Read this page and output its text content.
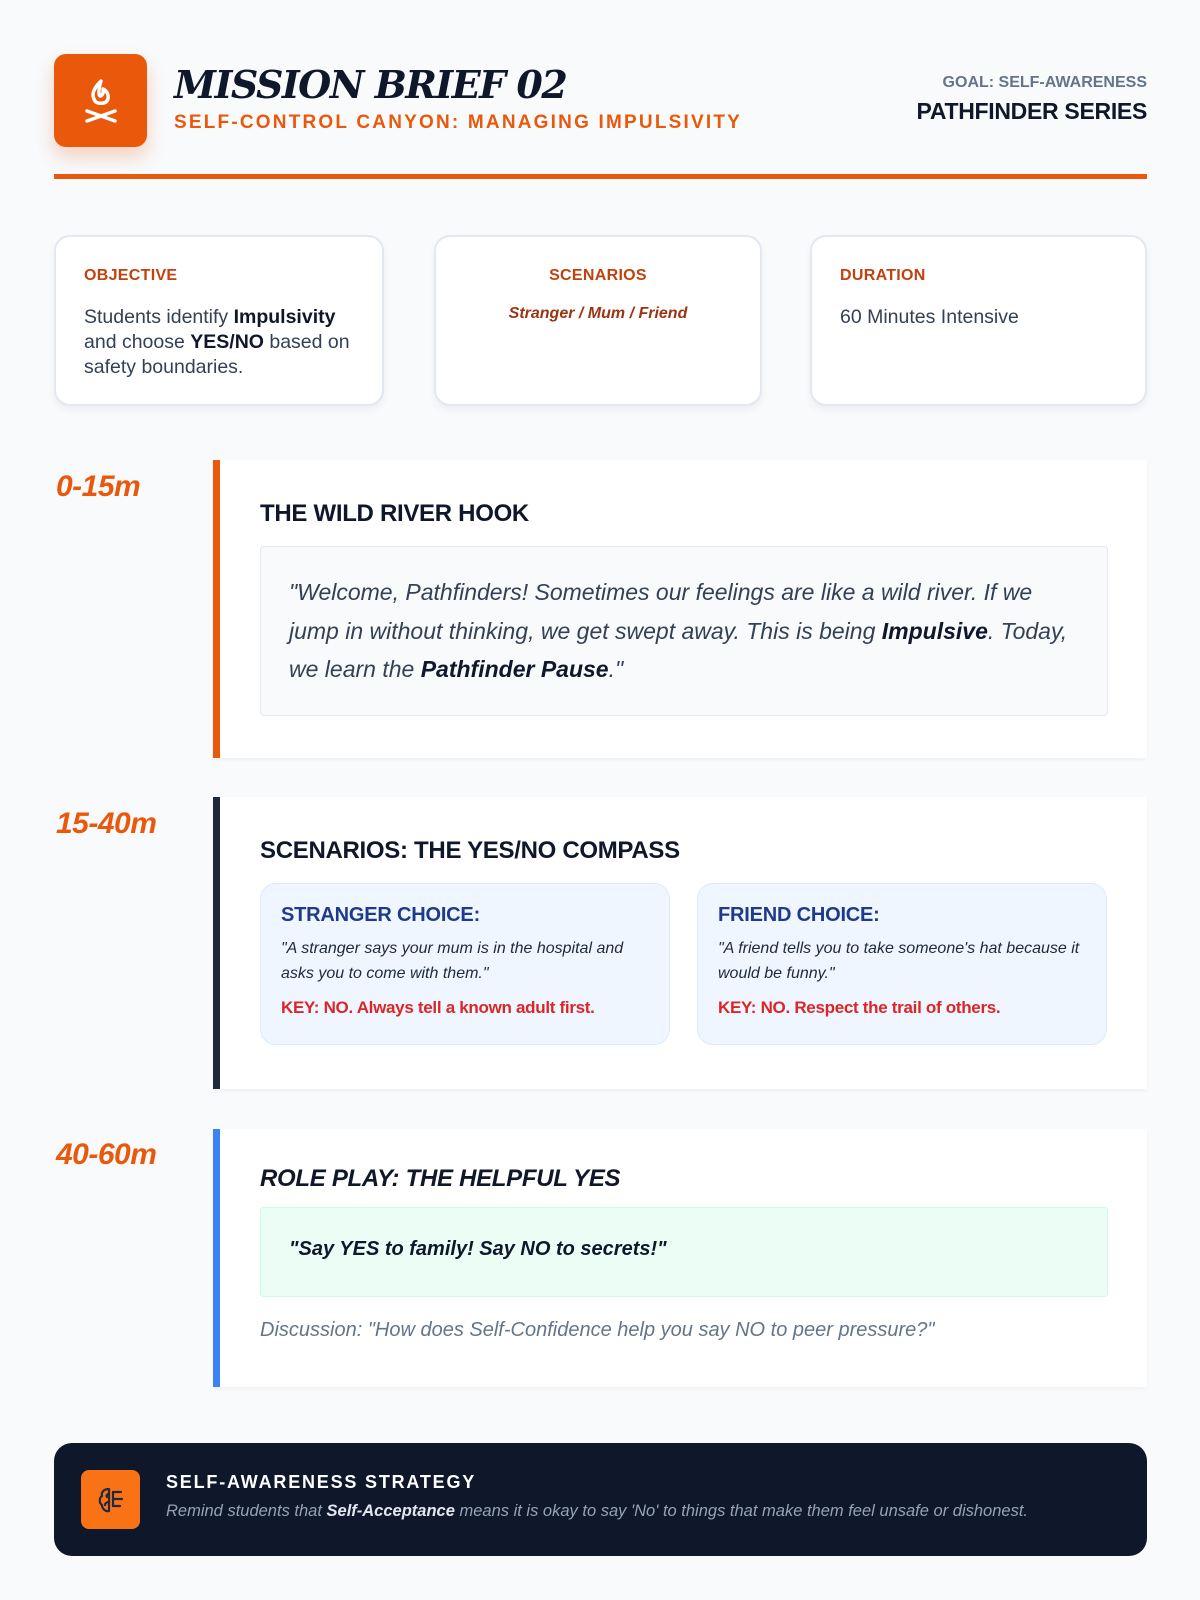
MISSION BRIEF 02
SELF-CONTROL CANYON: MANAGING IMPULSIVITY
GOAL: SELF-AWARENESS
PATHFINDER SERIES
OBJECTIVE
Students identify Impulsivity and choose YES/NO based on safety boundaries.
SCENARIOS
Stranger / Mum / Friend
DURATION
60 Minutes Intensive
0-15m
THE WILD RIVER HOOK
"Welcome, Pathfinders! Sometimes our feelings are like a wild river. If we jump in without thinking, we get swept away. This is being Impulsive. Today, we learn the Pathfinder Pause."
15-40m
SCENARIOS: THE YES/NO COMPASS
STRANGER CHOICE:
"A stranger says your mum is in the hospital and asks you to come with them."
KEY: NO. Always tell a known adult first.
FRIEND CHOICE:
"A friend tells you to take someone's hat because it would be funny."
KEY: NO. Respect the trail of others.
40-60m
ROLE PLAY: THE HELPFUL YES
"Say YES to family! Say NO to secrets!"
Discussion: "How does Self-Confidence help you say NO to peer pressure?"
SELF-AWARENESS STRATEGY
Remind students that Self-Acceptance means it is okay to say 'No' to things that make them feel unsafe or dishonest.
